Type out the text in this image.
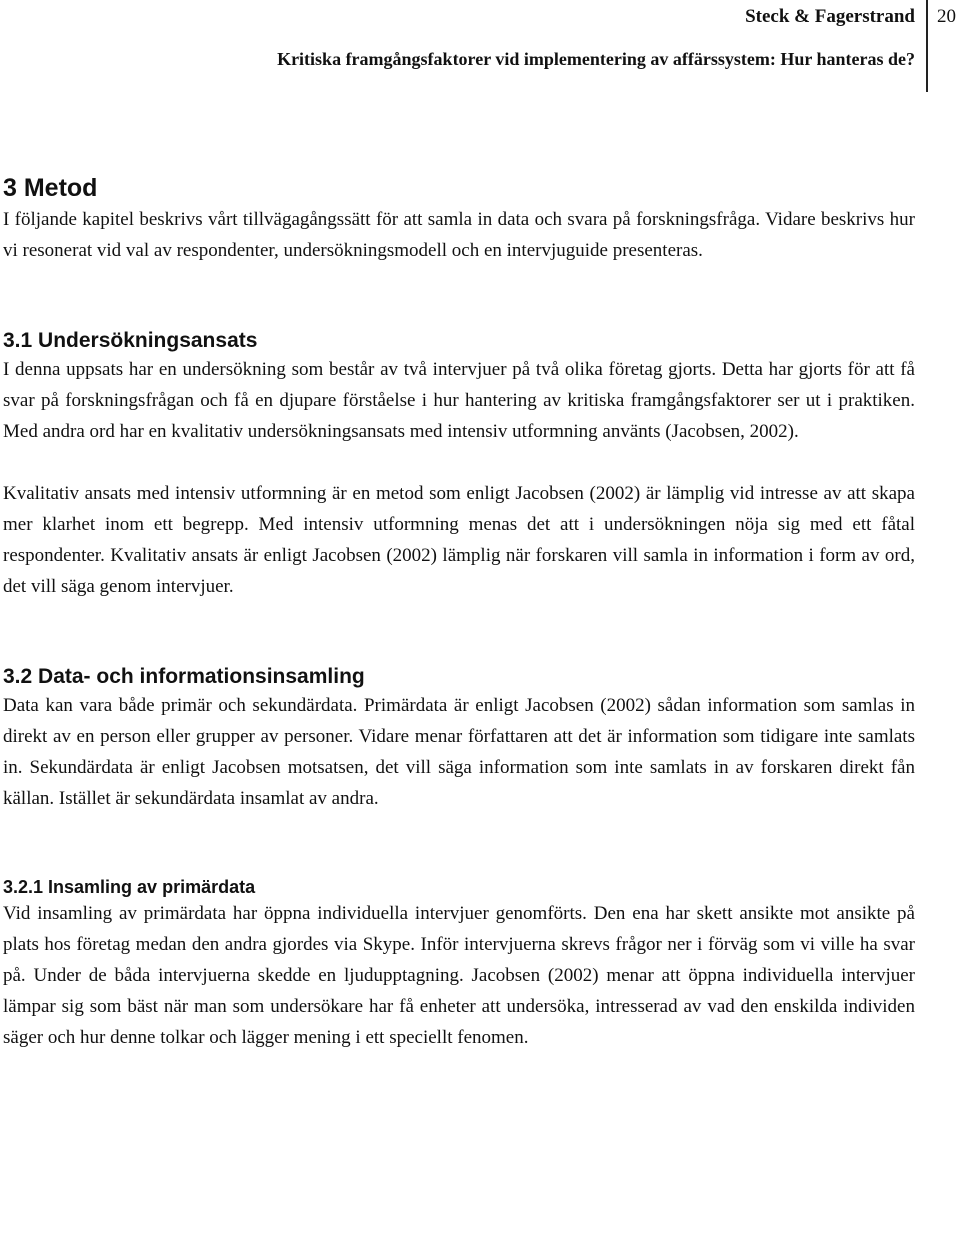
Steck & Fagerstrand
Kritiska framgångsfaktorer vid implementering av affärssystem: Hur hanteras de?
20
3 Metod

I följande kapitel beskrivs vårt tillvägagångssätt för att samla in data och svara på forskningsfråga. Vidare beskrivs hur vi resonerat vid val av respondenter, undersökningsmodell och en intervjuguide presenteras.

3.1 Undersökningsansats

I denna uppsats har en undersökning som består av två intervjuer på två olika företag gjorts. Detta har gjorts för att få svar på forskningsfrågan och få en djupare förståelse i hur hantering av kritiska framgångsfaktorer ser ut i praktiken. Med andra ord har en kvalitativ undersökningsansats med intensiv utformning använts (Jacobsen, 2002).

Kvalitativ ansats med intensiv utformning är en metod som enligt Jacobsen (2002) är lämplig vid intresse av att skapa mer klarhet inom ett begrepp. Med intensiv utformning menas det att i undersökningen nöja sig med ett fåtal respondenter. Kvalitativ ansats är enligt Jacobsen (2002) lämplig när forskaren vill samla in information i form av ord, det vill säga genom intervjuer.

3.2 Data- och informationsinsamling

Data kan vara både primär och sekundärdata. Primärdata är enligt Jacobsen (2002) sådan information som samlas in direkt av en person eller grupper av personer. Vidare menar författaren att det är information som tidigare inte samlats in. Sekundärdata är enligt Jacobsen motsatsen, det vill säga information som inte samlats in av forskaren direkt fån källan. Istället är sekundärdata insamlat av andra.

3.2.1 Insamling av primärdata

Vid insamling av primärdata har öppna individuella intervjuer genomförts. Den ena har skett ansikte mot ansikte på plats hos företag medan den andra gjordes via Skype. Inför intervjuerna skrevs frågor ner i förväg som vi ville ha svar på. Under de båda intervjuerna skedde en ljudupptagning. Jacobsen (2002) menar att öppna individuella intervjuer lämpar sig som bäst när man som undersökare har få enheter att undersöka, intresserad av vad den enskilda individen säger och hur denne tolkar och lägger mening i ett speciellt fenomen.
